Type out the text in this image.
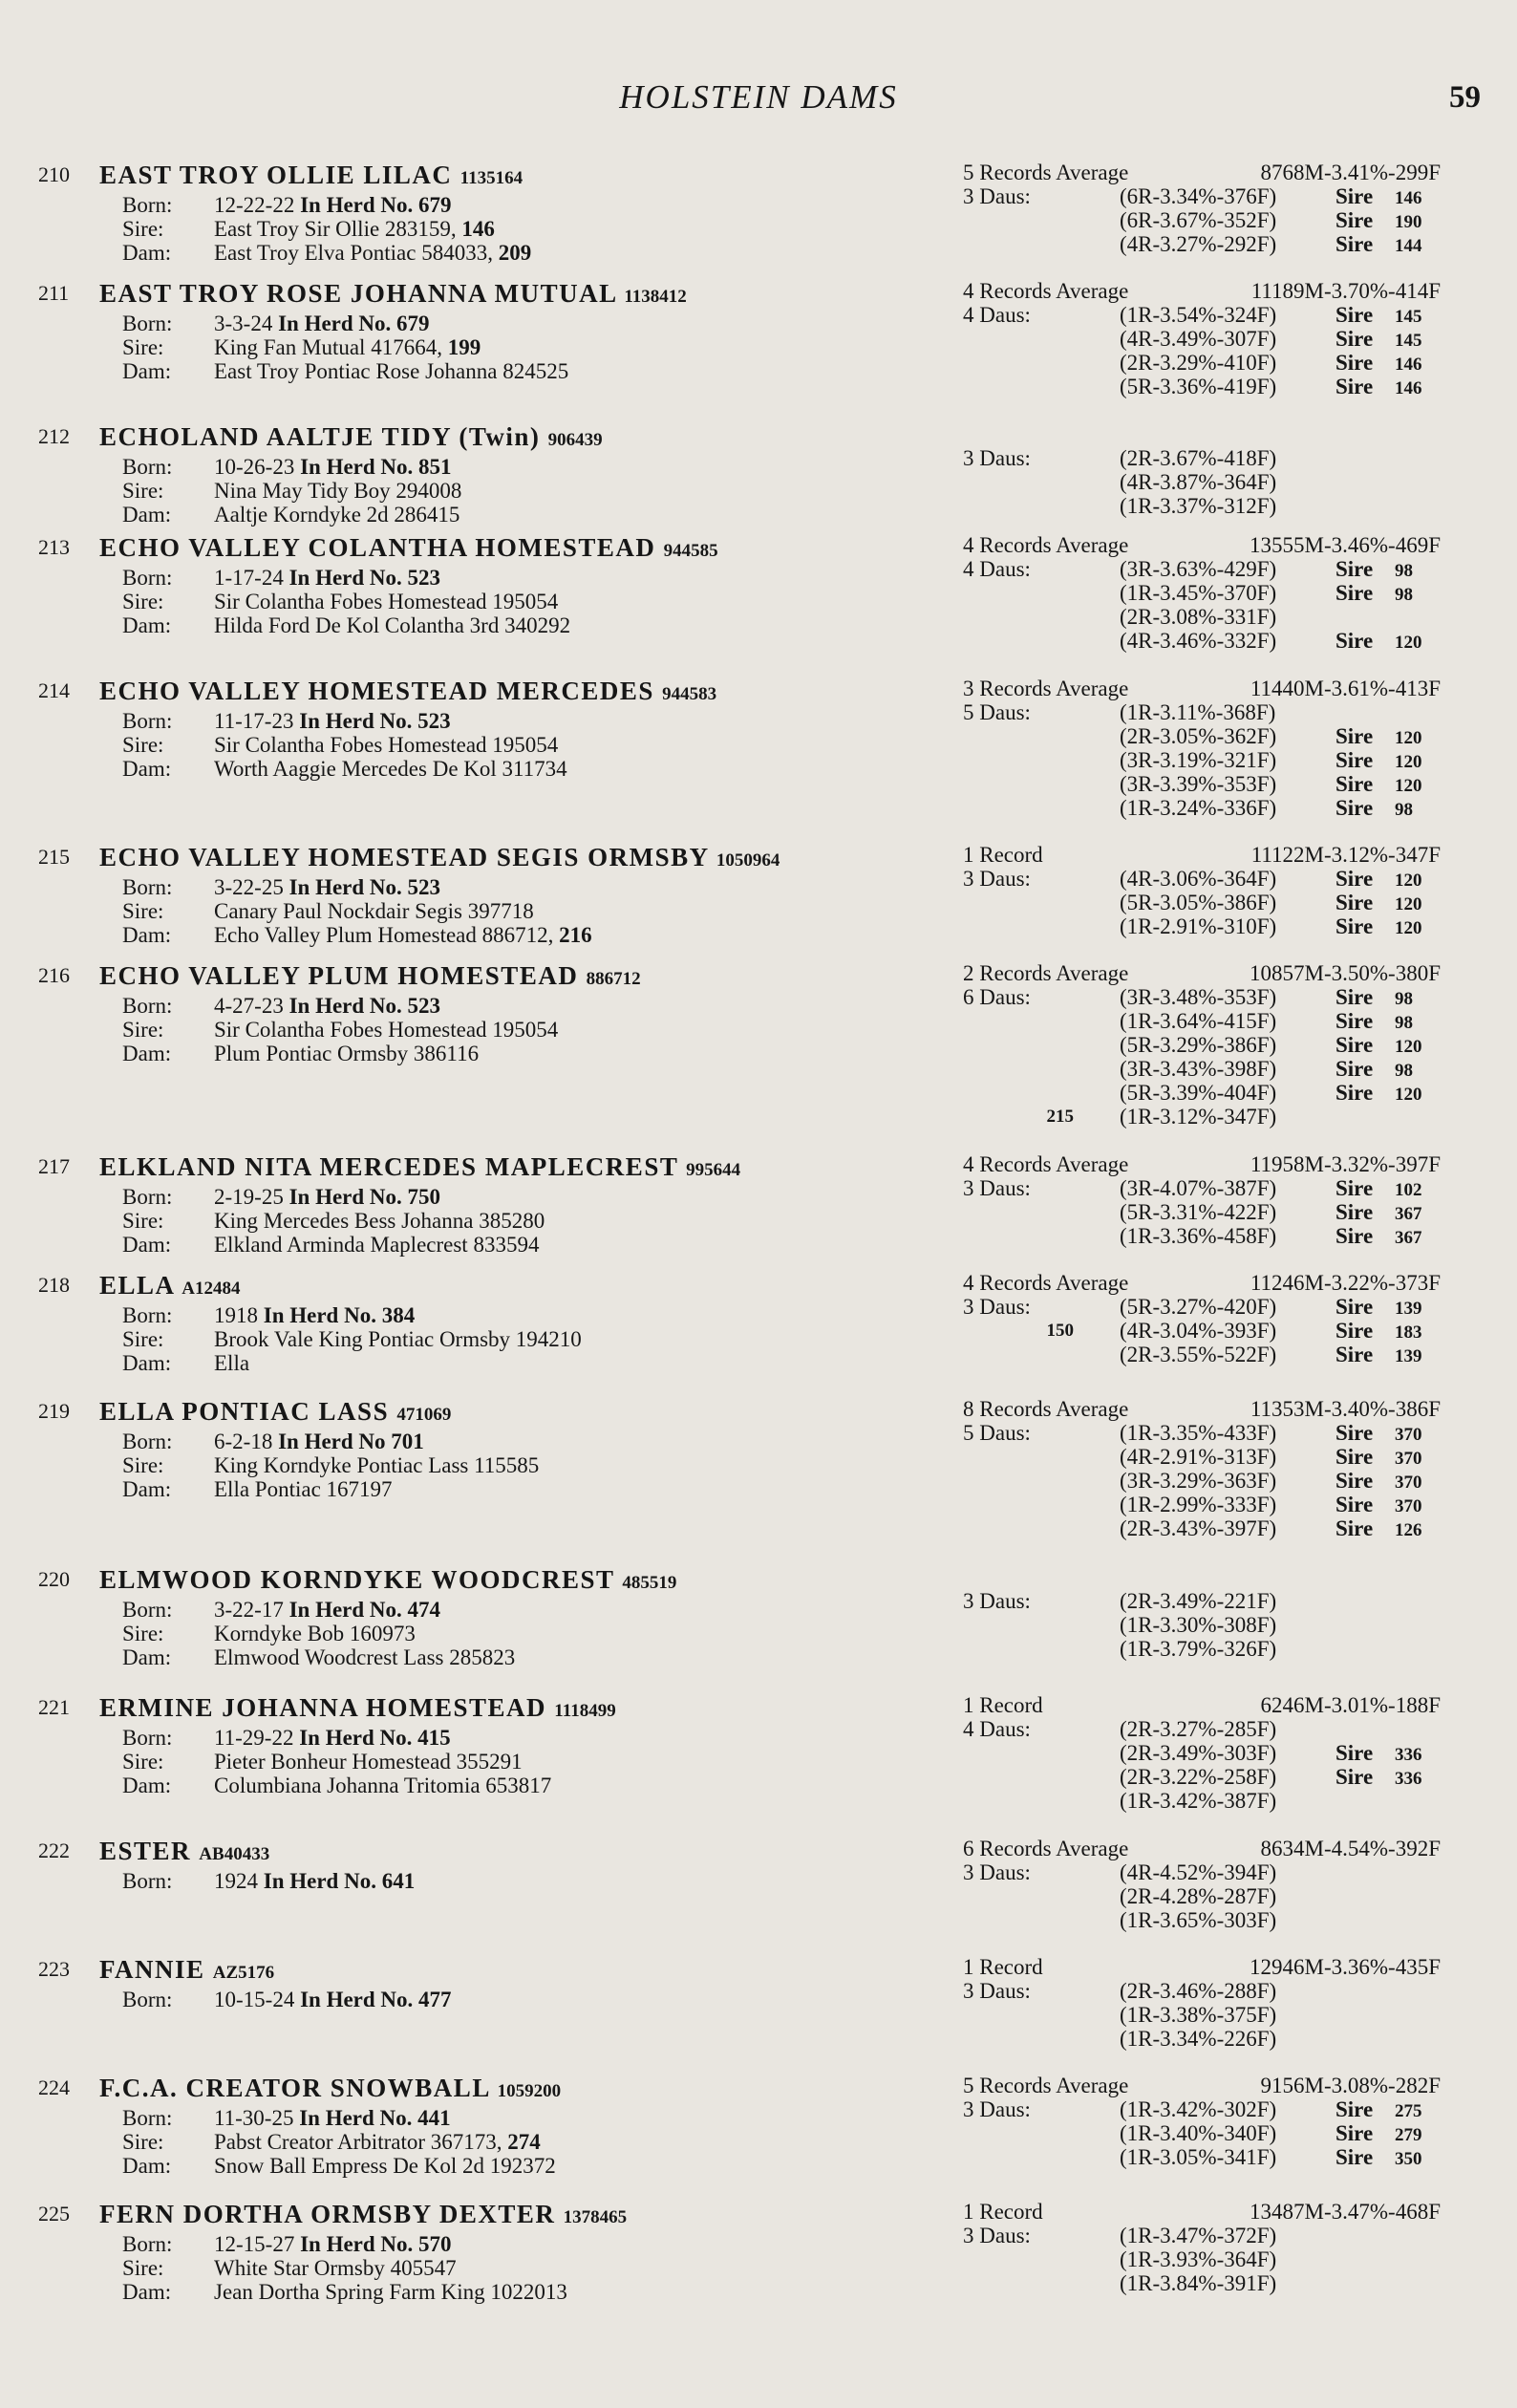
HOLSTEIN DAMS	59
210	EAST TROY OLLIE LILAC 1135164
Born: 12-22-22 In Herd No. 679
Sire: East Troy Sir Ollie 283159, 146
Dam: East Troy Elva Pontiac 584033, 209
5 Records Average	8768M-3.41%-299F
3 Daus:	(6R-3.34%-376F)	Sire 146
(6R-3.67%-352F)	Sire 190
(4R-3.27%-292F)	Sire 144
211	EAST TROY ROSE JOHANNA MUTUAL 1138412
Born: 3-3-24 In Herd No. 679
Sire: King Fan Mutual 417664, 199
Dam: East Troy Pontiac Rose Johanna 824525
4 Records Average	11189M-3.70%-414F
4 Daus:	(1R-3.54%-324F)	Sire 145
(4R-3.49%-307F)	Sire 145
(2R-3.29%-410F)	Sire 146
(5R-3.36%-419F)	Sire 146
212	ECHOLAND AALTJE TIDY (Twin) 906439
Born: 10-26-23 In Herd No. 851
Sire: Nina May Tidy Boy 294008
Dam: Aaltje Korndyke 2d 286415

3 Daus:	(2R-3.67%-418F)
(4R-3.87%-364F)
(1R-3.37%-312F)
213	ECHO VALLEY COLANTHA HOMESTEAD 944585
Born: 1-17-24 In Herd No. 523
Sire: Sir Colantha Fobes Homestead 195054
Dam: Hilda Ford De Kol Colantha 3rd 340292
4 Records Average	13555M-3.46%-469F
4 Daus:	(3R-3.63%-429F)	Sire 98
(1R-3.45%-370F)	Sire 98
(2R-3.08%-331F)
(4R-3.46%-332F)	Sire 120
214	ECHO VALLEY HOMESTEAD MERCEDES 944583
Born: 11-17-23 In Herd No. 523
Sire: Sir Colantha Fobes Homestead 195054
Dam: Worth Aaggie Mercedes De Kol 311734
3 Records Average	11440M-3.61%-413F
5 Daus:	(1R-3.11%-368F)
(2R-3.05%-362F)	Sire 120
(3R-3.19%-321F)	Sire 120
(3R-3.39%-353F)	Sire 120
(1R-3.24%-336F)	Sire 98
215	ECHO VALLEY HOMESTEAD SEGIS ORMSBY 1050964
Born: 3-22-25 In Herd No. 523
Sire: Canary Paul Nockdair Segis 397718
Dam: Echo Valley Plum Homestead 886712, 216
1 Record	11122M-3.12%-347F
3 Daus:	(4R-3.06%-364F)	Sire 120
(5R-3.05%-386F)	Sire 120
(1R-2.91%-310F)	Sire 120
216	ECHO VALLEY PLUM HOMESTEAD 886712
Born: 4-27-23 In Herd No. 523
Sire: Sir Colantha Fobes Homestead 195054
Dam: Plum Pontiac Ormsby 386116
2 Records Average	10857M-3.50%-380F
6 Daus:	(3R-3.48%-353F)	Sire 98
(1R-3.64%-415F)	Sire 98
(5R-3.29%-386F)	Sire 120
(3R-3.43%-398F)	Sire 98
(5R-3.39%-404F)	Sire 120
215 (1R-3.12%-347F)
217	ELKLAND NITA MERCEDES MAPLECREST 995644
Born: 2-19-25 In Herd No. 750
Sire: King Mercedes Bess Johanna 385280
Dam: Elkland Arminda Maplecrest 833594
4 Records Average	11958M-3.32%-397F
3 Daus:	(3R-4.07%-387F)	Sire 102
(5R-3.31%-422F)	Sire 367
(1R-3.36%-458F)	Sire 367
218	ELLA A12484
Born: 1918 In Herd No. 384
Sire: Brook Vale King Pontiac Ormsby 194210
Dam: Ella
4 Records Average	11246M-3.22%-373F
3 Daus:	(5R-3.27%-420F)	Sire 139
150 (4R-3.04%-393F)	Sire 183
(2R-3.55%-522F)	Sire 139
219	ELLA PONTIAC LASS 471069
Born: 6-2-18 In Herd No 701
Sire: King Korndyke Pontiac Lass 115585
Dam: Ella Pontiac 167197
8 Records Average	11353M-3.40%-386F
5 Daus:	(1R-3.35%-433F)	Sire 370
(4R-2.91%-313F)	Sire 370
(3R-3.29%-363F)	Sire 370
(1R-2.99%-333F)	Sire 370
(2R-3.43%-397F)	Sire 126
220	ELMWOOD KORNDYKE WOODCREST 485519
Born: 3-22-17 In Herd No. 474
Sire: Korndyke Bob 160973
Dam: Elmwood Woodcrest Lass 285823

3 Daus:	(2R-3.49%-221F)
(1R-3.30%-308F)
(1R-3.79%-326F)
221	ERMINE JOHANNA HOMESTEAD 1118499
Born: 11-29-22 In Herd No. 415
Sire: Pieter Bonheur Homestead 355291
Dam: Columbiana Johanna Tritomia 653817
1 Record	6246M-3.01%-188F
4 Daus:	(2R-3.27%-285F)
(2R-3.49%-303F)	Sire 336
(2R-3.22%-258F)	Sire 336
(1R-3.42%-387F)
222	ESTER AB40433
Born: 1924 In Herd No. 641
6 Records Average	8634M-4.54%-392F
3 Daus:	(4R-4.52%-394F)
(2R-4.28%-287F)
(1R-3.65%-303F)
223	FANNIE AZ5176
Born: 10-15-24 In Herd No. 477
1 Record	12946M-3.36%-435F
3 Daus:	(2R-3.46%-288F)
(1R-3.38%-375F)
(1R-3.34%-226F)
224	F.C.A. CREATOR SNOWBALL 1059200
Born: 11-30-25 In Herd No. 441
Sire: Pabst Creator Arbitrator 367173, 274
Dam: Snow Ball Empress De Kol 2d 192372
5 Records Average	9156M-3.08%-282F
3 Daus:	(1R-3.42%-302F)	Sire 275
(1R-3.40%-340F)	Sire 279
(1R-3.05%-341F)	Sire 350
225	FERN DORTHA ORMSBY DEXTER 1378465
Born: 12-15-27 In Herd No. 570
Sire: White Star Ormsby 405547
Dam: Jean Dortha Spring Farm King 1022013
1 Record	13487M-3.47%-468F
3 Daus:	(1R-3.47%-372F)
(1R-3.93%-364F)
(1R-3.84%-391F)
